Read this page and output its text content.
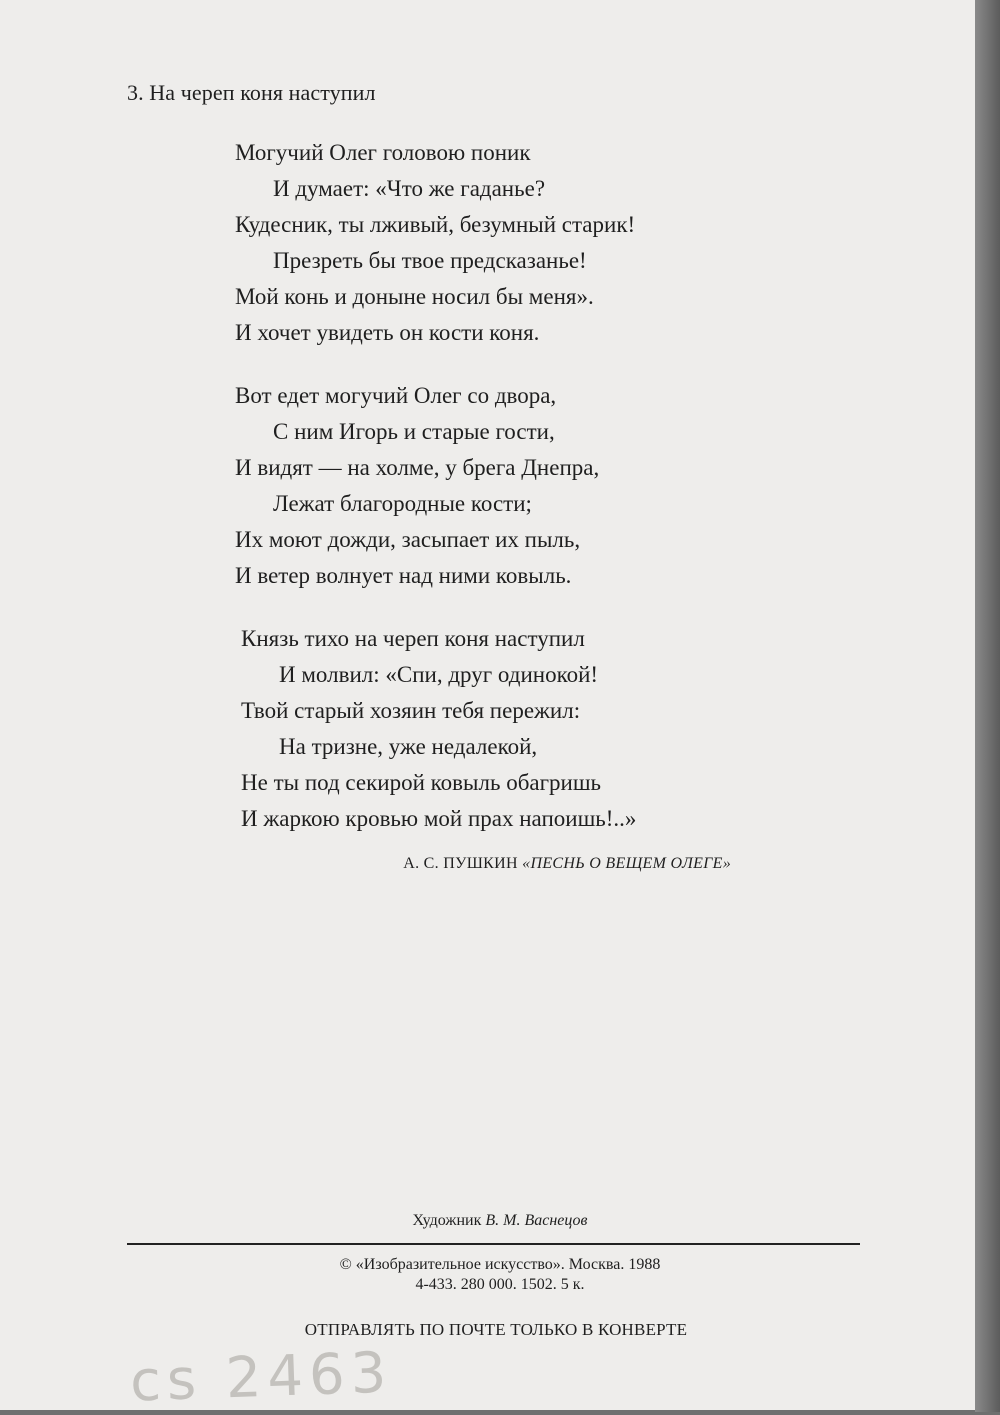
3. На череп коня наступил
Могучий Олег головою поник
И думает: «Что же гаданье?
Кудесник, ты лживый, безумный старик!
Презреть бы твое предсказанье!
Мой конь и доныне носил бы меня».
И хочет увидеть он кости коня.
Вот едет могучий Олег со двора,
С ним Игорь и старые гости,
И видят — на холме, у брега Днепра,
Лежат благородные кости;
Их моют дожди, засыпает их пыль,
И ветер волнует над ними ковыль.
Князь тихо на череп коня наступил
И молвил: «Спи, друг одинокой!
Твой старый хозяин тебя пережил:
На тризне, уже недалекой,
Не ты под секирой ковыль обагришь
И жаркою кровью мой прах напоишь!..»
А. С. ПУШКИН «ПЕСНЬ О ВЕЩЕМ ОЛЕГЕ»
Художник В. М. Васнецов
© «Изобразительное искусство». Москва. 1988
4-433. 280 000. 1502. 5 к.
ОТПРАВЛЯТЬ ПО ПОЧТЕ ТОЛЬКО В КОНВЕРТЕ
cs 2463
